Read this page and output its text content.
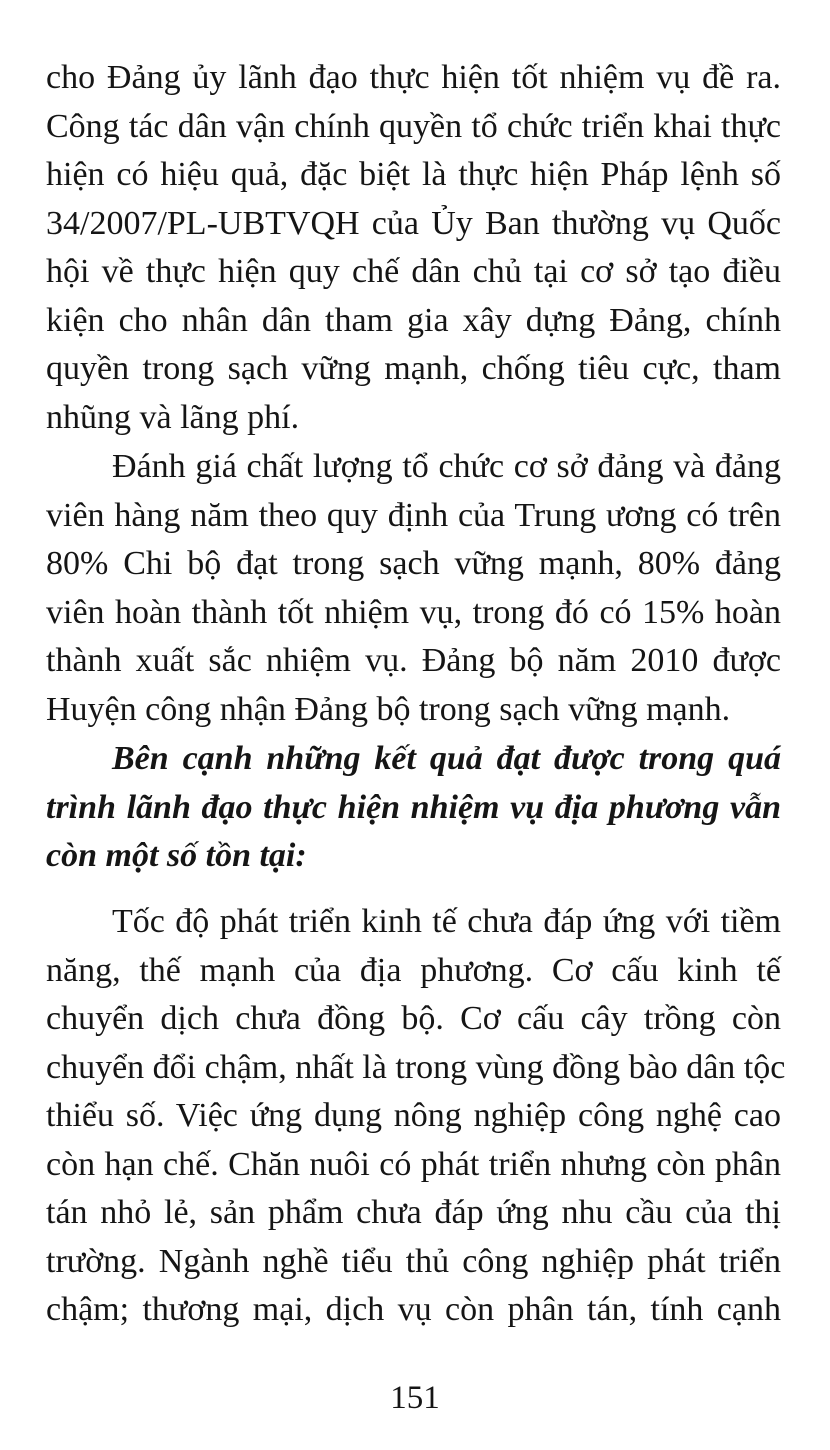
cho Đảng ủy lãnh đạo thực hiện tốt nhiệm vụ đề ra.
Công tác dân vận chính quyền tổ chức triển khai thực
hiện có hiệu quả, đặc biệt là thực hiện Pháp lệnh số
34/2007/PL-UBTVQH của Ủy Ban thường vụ Quốc
hội về thực hiện quy chế dân chủ tại cơ sở tạo điều
kiện cho nhân dân tham gia xây dựng Đảng, chính
quyền trong sạch vững mạnh, chống tiêu cực, tham
nhũng và lãng phí.
Đánh giá chất lượng tổ chức cơ sở đảng và đảng
viên hàng năm theo quy định của Trung ương có trên
80% Chi bộ đạt trong sạch vững mạnh, 80% đảng
viên hoàn thành tốt nhiệm vụ, trong đó có 15% hoàn
thành xuất sắc nhiệm vụ. Đảng bộ năm 2010 được
Huyện công nhận Đảng bộ trong sạch vững mạnh.
Bên cạnh những kết quả đạt được trong quá
trình lãnh đạo thực hiện nhiệm vụ địa phương vẫn
còn một số tồn tại:
Tốc độ phát triển kinh tế chưa đáp ứng với tiềm
năng, thế mạnh của địa phương. Cơ cấu kinh tế
chuyển dịch chưa đồng bộ. Cơ cấu cây trồng còn
chuyển đổi chậm, nhất là trong vùng đồng bào dân tộc
thiểu số. Việc ứng dụng nông nghiệp công nghệ cao
còn hạn chế. Chăn nuôi có phát triển nhưng còn phân
tán nhỏ lẻ, sản phẩm chưa đáp ứng nhu cầu của thị
trường. Ngành nghề tiểu thủ công nghiệp phát triển
chậm; thương mại, dịch vụ còn phân tán, tính cạnh
151
